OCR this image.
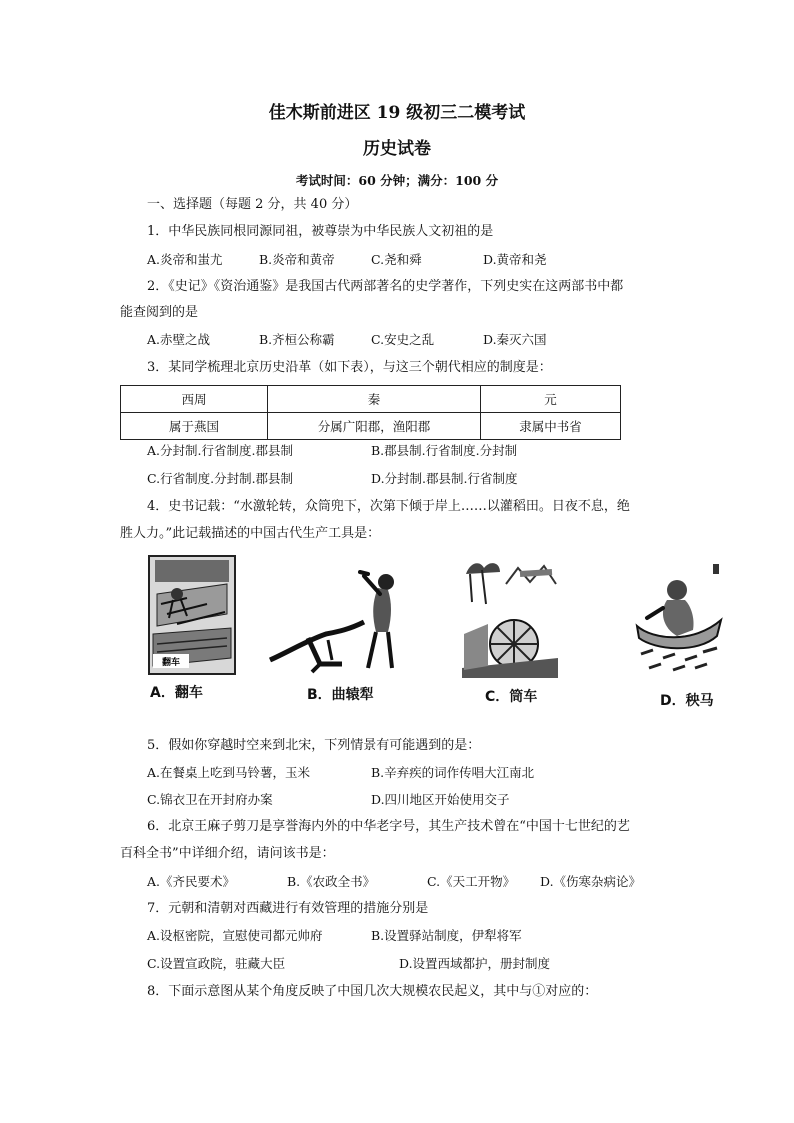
佳木斯前进区 19 级初三二模考试
历史试卷
考试时间：60 分钟；满分：100 分
一、选择题（每题 2 分，共 40 分）
1．中华民族同根同源同祖，被尊崇为中华民族人文初祖的是
A.炎帝和蚩尤	B.炎帝和黄帝	C.尧和舜	D.黄帝和尧
2．《史记》《资治通鉴》是我国古代两部著名的史学著作，下列史实在这两部书中都
能查阅到的是
A.赤壁之战	B.齐桓公称霸	C.安史之乱	D.秦灭六国
3．某同学梳理北京历史沿革（如下表），与这三个朝代相应的制度是：
西周	秦	元
属于燕国	分属广阳郡，渔阳郡	隶属中书省
A.分封制.行省制度.郡县制	B.郡县制.行省制度.分封制
C.行省制度.分封制.郡县制	D.分封制.郡县制.行省制度
4．史书记载：“水激轮转，众筒兜下，次第下倾于岸上……以灌稻田。日夜不息，绝
胜人力。”此记载描述的中国古代生产工具是：
翻车
A．翻车	B．曲辕犁	C．筒车	D．秧马
5．假如你穿越时空来到北宋，下列情景有可能遇到的是：
A.在餐桌上吃到马铃薯，玉米	B.辛弃疾的词作传唱大江南北
C.锦衣卫在开封府办案	D.四川地区开始使用交子
6．北京王麻子剪刀是享誉海内外的中华老字号，其生产技术曾在“中国十七世纪的艺
百科全书”中详细介绍，请问该书是：
A.《齐民要术》	B.《农政全书》	C.《天工开物》 D.《伤寒杂病论》
7．元朝和清朝对西藏进行有效管理的措施分别是
A.设枢密院，宣慰使司都元帅府	B.设置驿站制度，伊犁将军
C.设置宣政院，驻藏大臣	D.设置西域都护，册封制度
8．下面示意图从某个角度反映了中国几次大规模农民起义，其中与①对应的：
